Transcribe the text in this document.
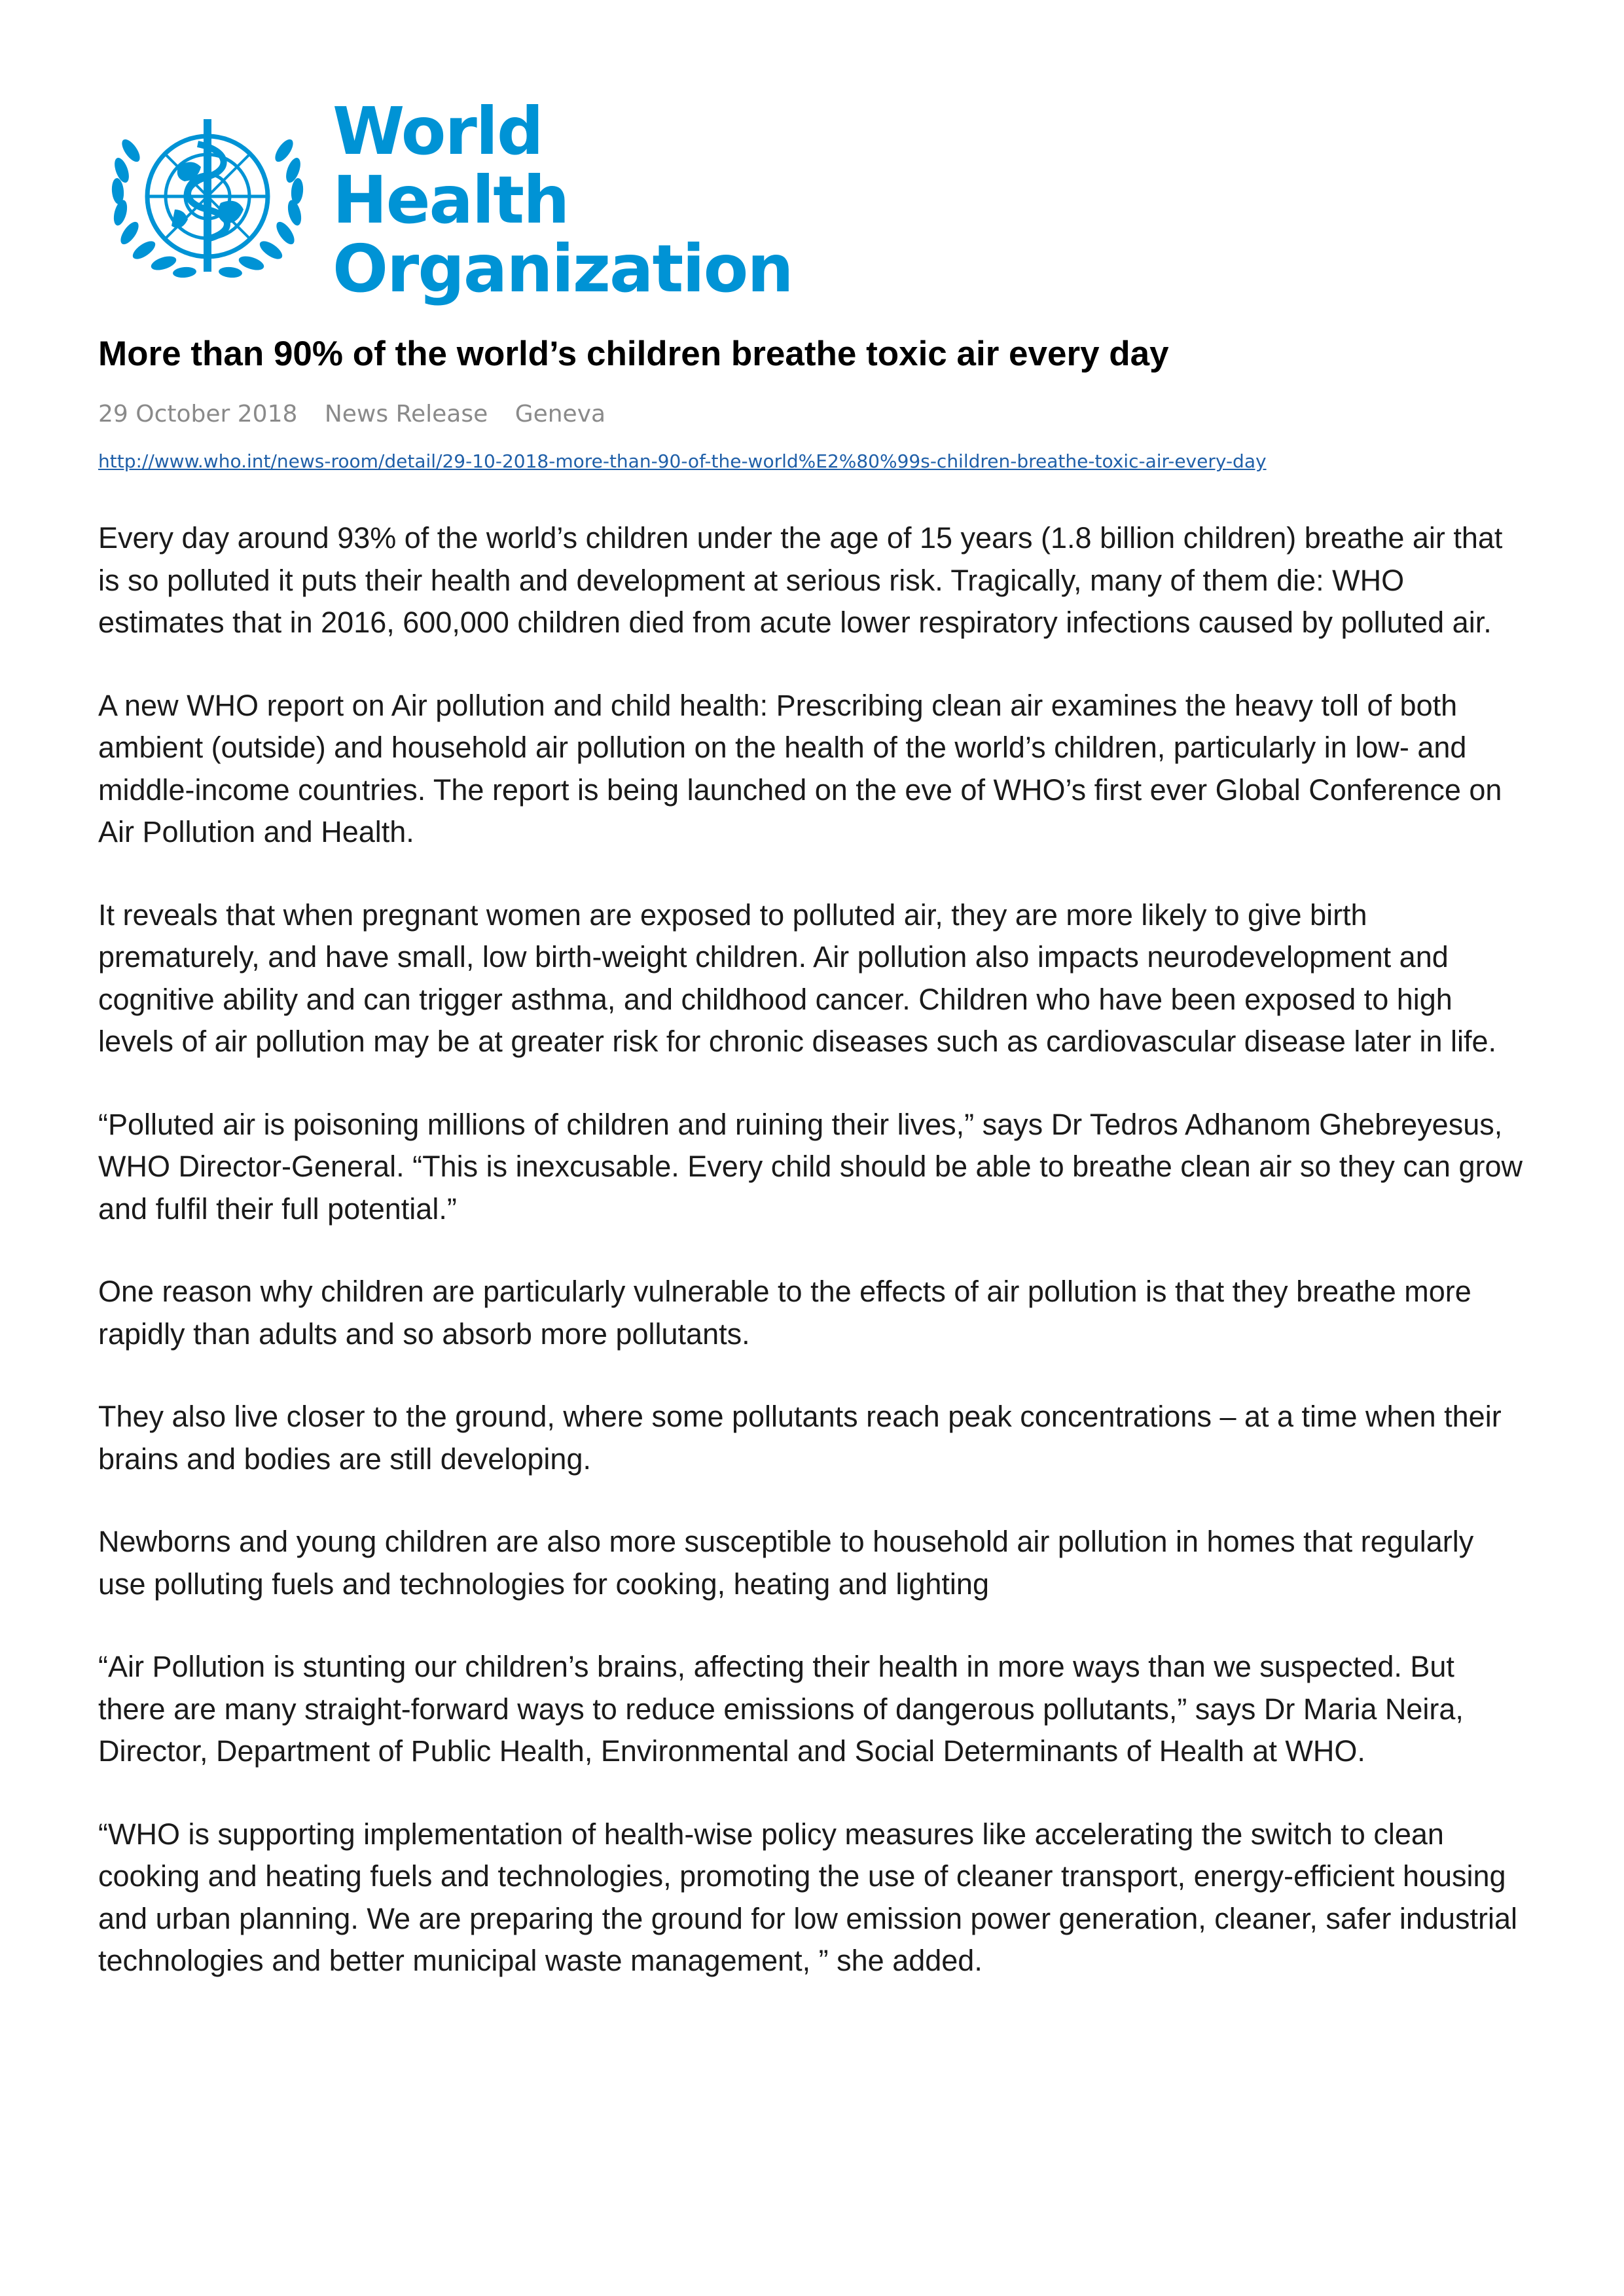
World Health
Organization
More than 90% of the world’s children breathe toxic air every day
29 October 2018 News Release Geneva
http://www.who.int/news-room/detail/29-10-2018-more-than-90-of-the-world%E2%80%99s-children-breathe-toxic-air-every-day

Every day around 93% of the world’s children under the age of 15 years (1.8 billion children) breathe air that is so polluted it puts their health and development at serious risk. Tragically, many of them die: WHO estimates that in 2016, 600,000 children died from acute lower respiratory infections caused by polluted air.

A new WHO report on Air pollution and child health: Prescribing clean air examines the heavy toll of both ambient (outside) and household air pollution on the health of the world’s children, particularly in low- and middle-income countries. The report is being launched on the eve of WHO’s first ever Global Conference on Air Pollution and Health.

It reveals that when pregnant women are exposed to polluted air, they are more likely to give birth prematurely, and have small, low birth-weight children. Air pollution also impacts neurodevelopment and cognitive ability and can trigger asthma, and childhood cancer. Children who have been exposed to high levels of air pollution may be at greater risk for chronic diseases such as cardiovascular disease later in life.

“Polluted air is poisoning millions of children and ruining their lives,” says Dr Tedros Adhanom Ghebreyesus, WHO Director-General. “This is inexcusable. Every child should be able to breathe clean air so they can grow and fulfil their full potential.”

One reason why children are particularly vulnerable to the effects of air pollution is that they breathe more rapidly than adults and so absorb more pollutants.

They also live closer to the ground, where some pollutants reach peak concentrations – at a time when their brains and bodies are still developing.

Newborns and young children are also more susceptible to household air pollution in homes that regularly use polluting fuels and technologies for cooking, heating and lighting

“Air Pollution is stunting our children’s brains, affecting their health in more ways than we suspected. But there are many straight-forward ways to reduce emissions of dangerous pollutants,” says Dr Maria Neira, Director, Department of Public Health, Environmental and Social Determinants of Health at WHO.

“WHO is supporting implementation of health-wise policy measures like accelerating the switch to clean cooking and heating fuels and technologies, promoting the use of cleaner transport, energy-efficient housing and urban planning. We are preparing the ground for low emission power generation, cleaner, safer industrial technologies and better municipal waste management, ” she added.
